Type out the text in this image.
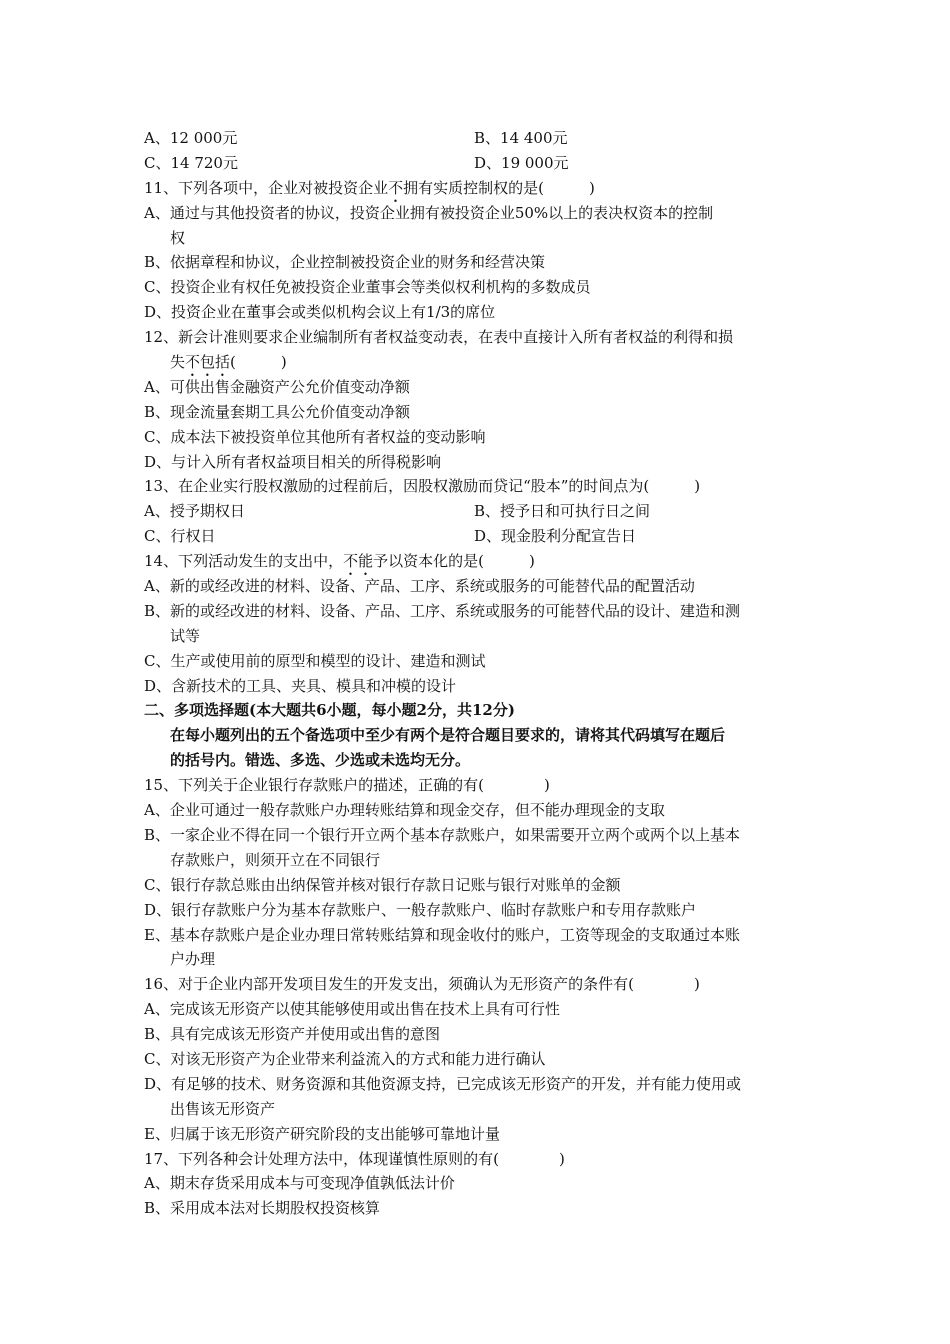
A、12 000元	B、14 400元
C、14 720元	D、19 000元
11、下列各项中，企业对被投资企业不拥有实质控制权的是(　　　)
A、通过与其他投资者的协议，投资企业拥有被投资企业50%以上的表决权资本的控制
权
B、依据章程和协议，企业控制被投资企业的财务和经营决策
C、投资企业有权任免被投资企业董事会等类似权利机构的多数成员
D、投资企业在董事会或类似机构会议上有1/3的席位
12、新会计准则要求企业编制所有者权益变动表，在表中直接计入所有者权益的利得和损
失不包括(　　　)
A、可供出售金融资产公允价值变动净额
B、现金流量套期工具公允价值变动净额
C、成本法下被投资单位其他所有者权益的变动影响
D、与计入所有者权益项目相关的所得税影响
13、在企业实行股权激励的过程前后，因股权激励而贷记“股本”的时间点为(　　　)
A、授予期权日	B、授予日和可执行日之间
C、行权日	D、现金股利分配宣告日
14、下列活动发生的支出中，不能予以资本化的是(　　　)
A、新的或经改进的材料、设备、产品、工序、系统或服务的可能替代品的配置活动
B、新的或经改进的材料、设备、产品、工序、系统或服务的可能替代品的设计、建造和测
试等
C、生产或使用前的原型和模型的设计、建造和测试
D、含新技术的工具、夹具、模具和冲模的设计
二、多项选择题(本大题共6小题，每小题2分，共12分)
在每小题列出的五个备选项中至少有两个是符合题目要求的，请将其代码填写在题后
的括号内。错选、多选、少选或未选均无分。
15、下列关于企业银行存款账户的描述，正确的有(　　　　)
A、企业可通过一般存款账户办理转账结算和现金交存，但不能办理现金的支取
B、一家企业不得在同一个银行开立两个基本存款账户，如果需要开立两个或两个以上基本
存款账户，则须开立在不同银行
C、银行存款总账由出纳保管并核对银行存款日记账与银行对账单的金额
D、银行存款账户分为基本存款账户、一般存款账户、临时存款账户和专用存款账户
E、基本存款账户是企业办理日常转账结算和现金收付的账户，工资等现金的支取通过本账
户办理
16、对于企业内部开发项目发生的开发支出，须确认为无形资产的条件有(　　　　)
A、完成该无形资产以使其能够使用或出售在技术上具有可行性
B、具有完成该无形资产并使用或出售的意图
C、对该无形资产为企业带来利益流入的方式和能力进行确认
D、有足够的技术、财务资源和其他资源支持，已完成该无形资产的开发，并有能力使用或
出售该无形资产
E、归属于该无形资产研究阶段的支出能够可靠地计量
17、下列各种会计处理方法中，体现谨慎性原则的有(　　　　)
A、期末存货采用成本与可变现净值孰低法计价
B、采用成本法对长期股权投资核算
